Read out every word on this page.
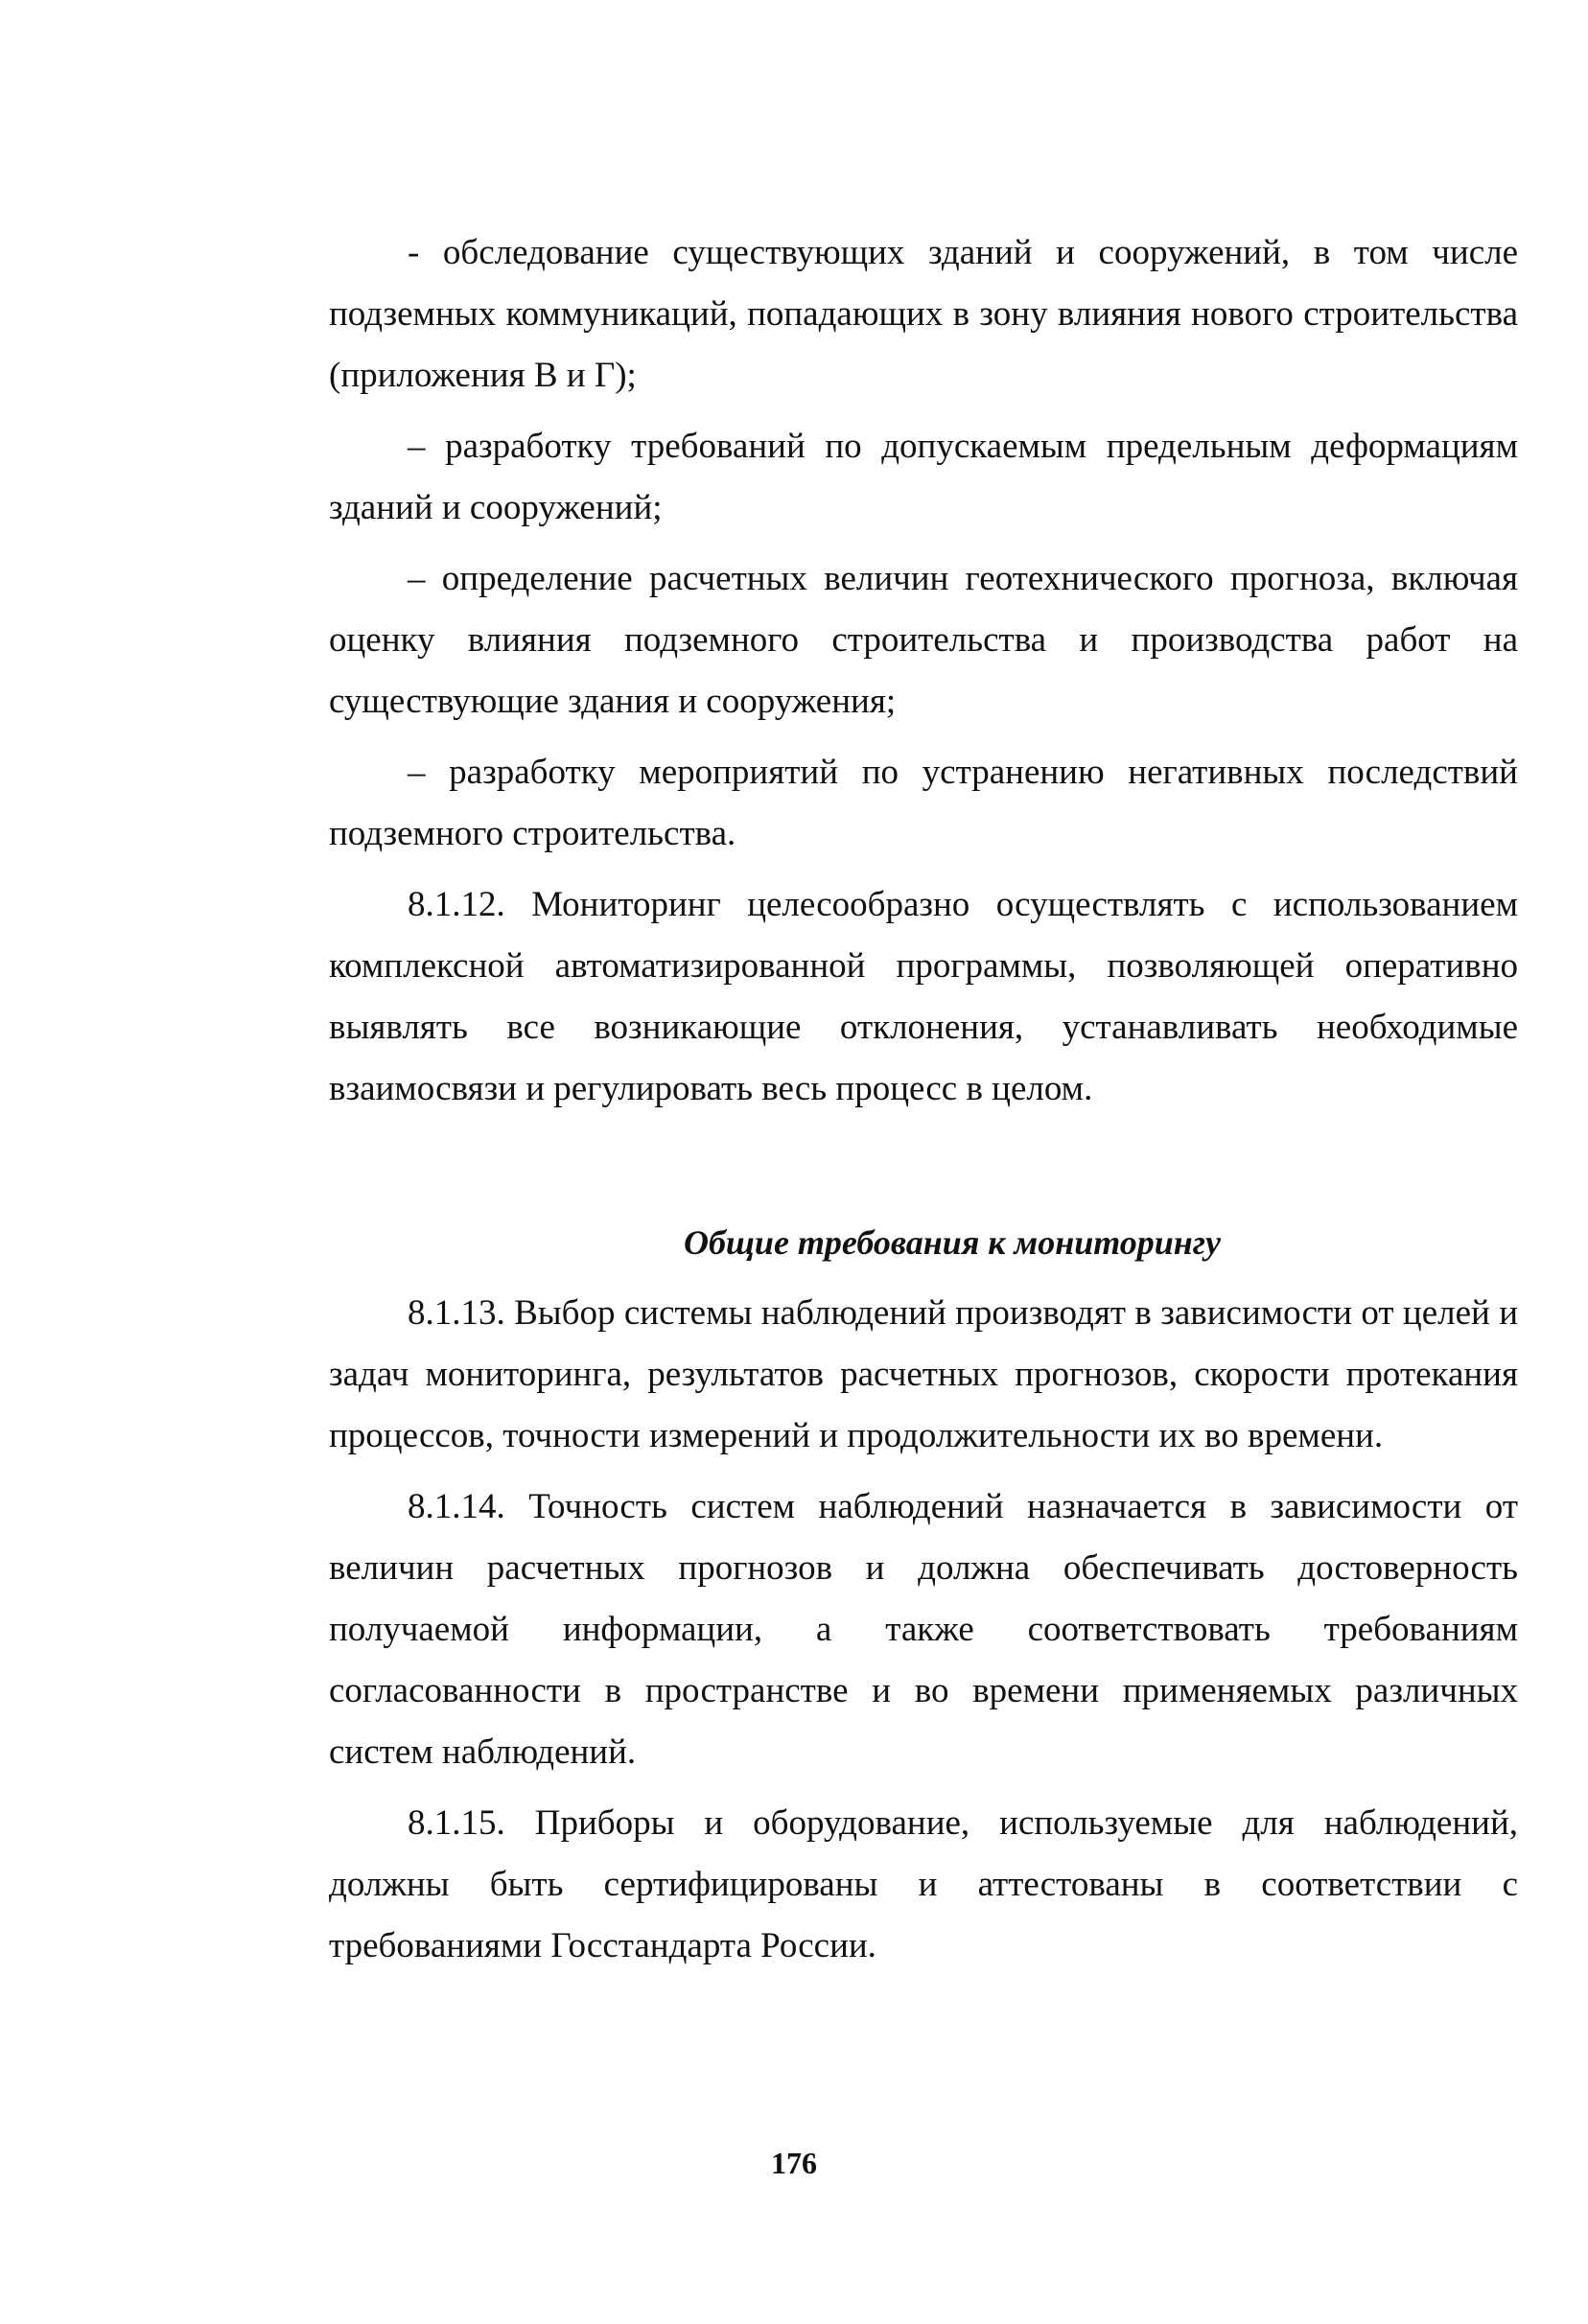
- обследование существующих зданий и сооружений, в том числе подземных коммуникаций, попадающих в зону влияния нового строительства (приложения В и Г);

– разработку требований по допускаемым предельным деформациям зданий и сооружений;

– определение расчетных величин геотехнического прогноза, включая оценку влияния подземного строительства и производства работ на существующие здания и сооружения;

– разработку мероприятий по устранению негативных последствий подземного строительства.

8.1.12. Мониторинг целесообразно осуществлять с использованием комплексной автоматизированной программы, позволяющей оперативно выявлять все возникающие отклонения, устанавливать необходимые взаимосвязи и регулировать весь процесс в целом.

Общие требования к мониторингу

8.1.13. Выбор системы наблюдений производят в зависимости от целей и задач мониторинга, результатов расчетных прогнозов, скорости протекания процессов, точности измерений и продолжительности их во времени.

8.1.14. Точность систем наблюдений назначается в зависимости от величин расчетных прогнозов и должна обеспечивать достоверность получаемой информации, а также соответствовать требованиям согласованности в пространстве и во времени применяемых различных систем наблюдений.

8.1.15. Приборы и оборудование, используемые для наблюдений, должны быть сертифицированы и аттестованы в соответствии с требованиями Госстандарта России.

176
